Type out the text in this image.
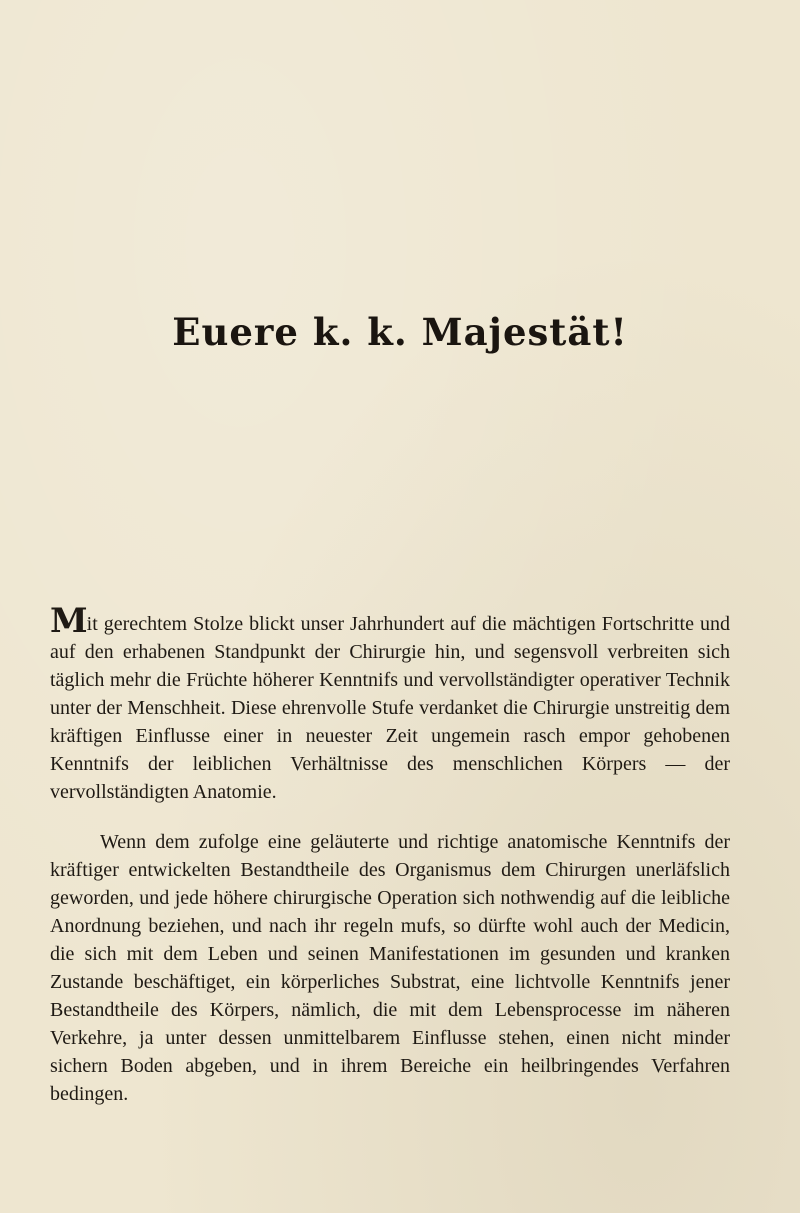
Euere k. k. Majestät!

Mit gerechtem Stolze blickt unser Jahrhundert auf die mächtigen Fortschritte und auf den erhabenen Standpunkt der Chirurgie hin, und segensvoll verbreiten sich täglich mehr die Früchte höherer Kenntnifs und vervollständigter operativer Technik unter der Menschheit. Diese ehrenvolle Stufe verdanket die Chirurgie unstreitig dem kräftigen Einflusse einer in neuester Zeit ungemein rasch empor gehobenen Kenntnifs der leiblichen Verhältnisse des menschlichen Körpers — der vervollständigten Anatomie.

Wenn dem zufolge eine geläuterte und richtige anatomische Kenntnifs der kräftiger entwickelten Bestandtheile des Organismus dem Chirurgen unerläfslich geworden, und jede höhere chirurgische Operation sich nothwendig auf die leibliche Anordnung beziehen, und nach ihr regeln mufs, so dürfte wohl auch der Medicin, die sich mit dem Leben und seinen Manifestationen im gesunden und kranken Zustande beschäftiget, ein körperliches Substrat, eine lichtvolle Kenntnifs jener Bestandtheile des Körpers, nämlich, die mit dem Lebensprocesse im näheren Verkehre, ja unter dessen unmittelbarem Einflusse stehen, einen nicht minder sichern Boden abgeben, und in ihrem Bereiche ein heilbringendes Verfahren bedingen.
